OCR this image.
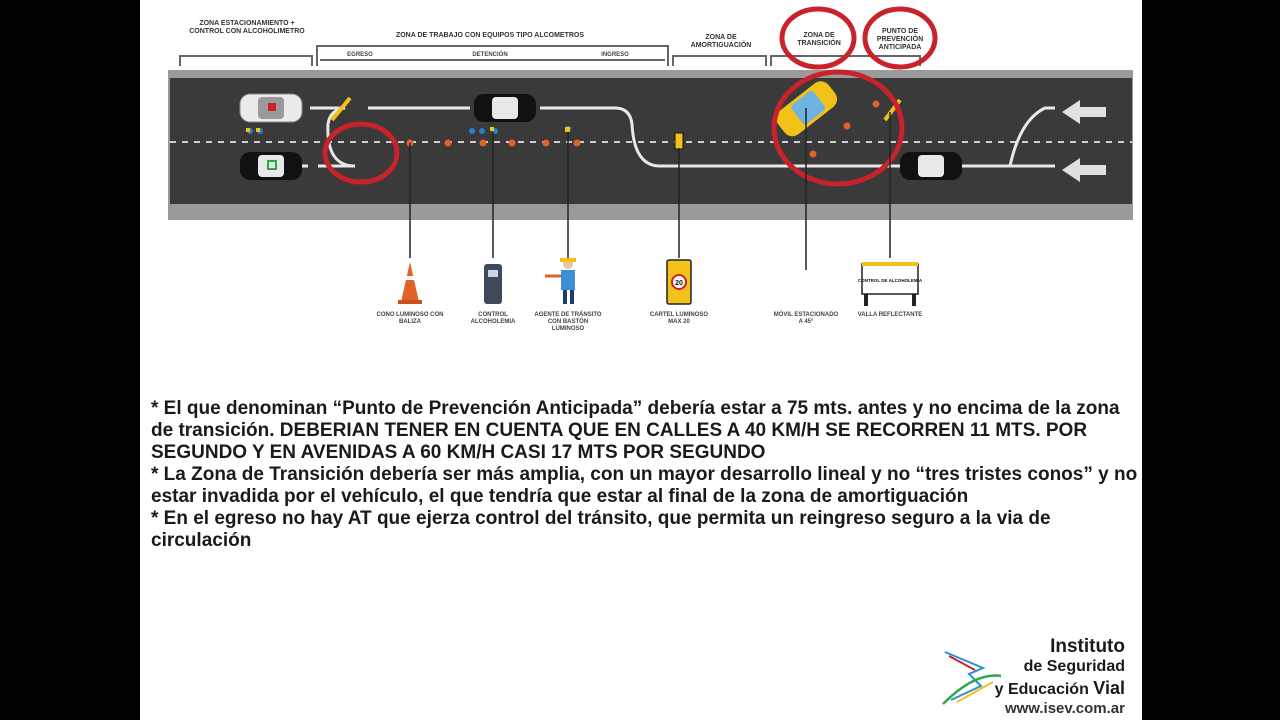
20	CONTROL DE ALCOHOLEMIA
ZONA ESTACIONAMIENTO + CONTROL CON ALCOHOLIMETRO
ZONA DE TRABAJO CON EQUIPOS TIPO ALCOMETROS
EGRESO	DETENCIÓN	INGRESO
ZONA DE AMORTIGUACIÓN
ZONA DE TRANSICIÓN
PUNTO DE PREVENCIÓN ANTICIPADA
CONO LUMINOSO CON BALIZA
CONTROL ALCOHOLEMIA
AGENTE DE TRÁNSITO CON BASTÓN LUMINOSO
CARTEL LUMINOSO MAX 20
MÓVIL ESTACIONADO A 45°
VALLA REFLECTANTE

* El que denominan “Punto de Prevención Anticipada” debería estar a 75 mts. antes y no encima de la zona de transición. DEBERIAN TENER EN CUENTA QUE EN CALLES A 40 KM/H SE RECORREN 11 MTS. POR SEGUNDO Y EN AVENIDAS A 60 KM/H CASI 17 MTS POR SEGUNDO

* La Zona de Transición debería ser más amplia, con un mayor desarrollo lineal y no “tres tristes conos” y no estar invadida por el vehículo, el que tendría que estar al final de la zona de amortiguación

* En el egreso no hay AT que ejerza control del tránsito, que permita un reingreso seguro a la via de circulación

Instituto
de Seguridad
y Educación Vial
www.isev.com.ar
